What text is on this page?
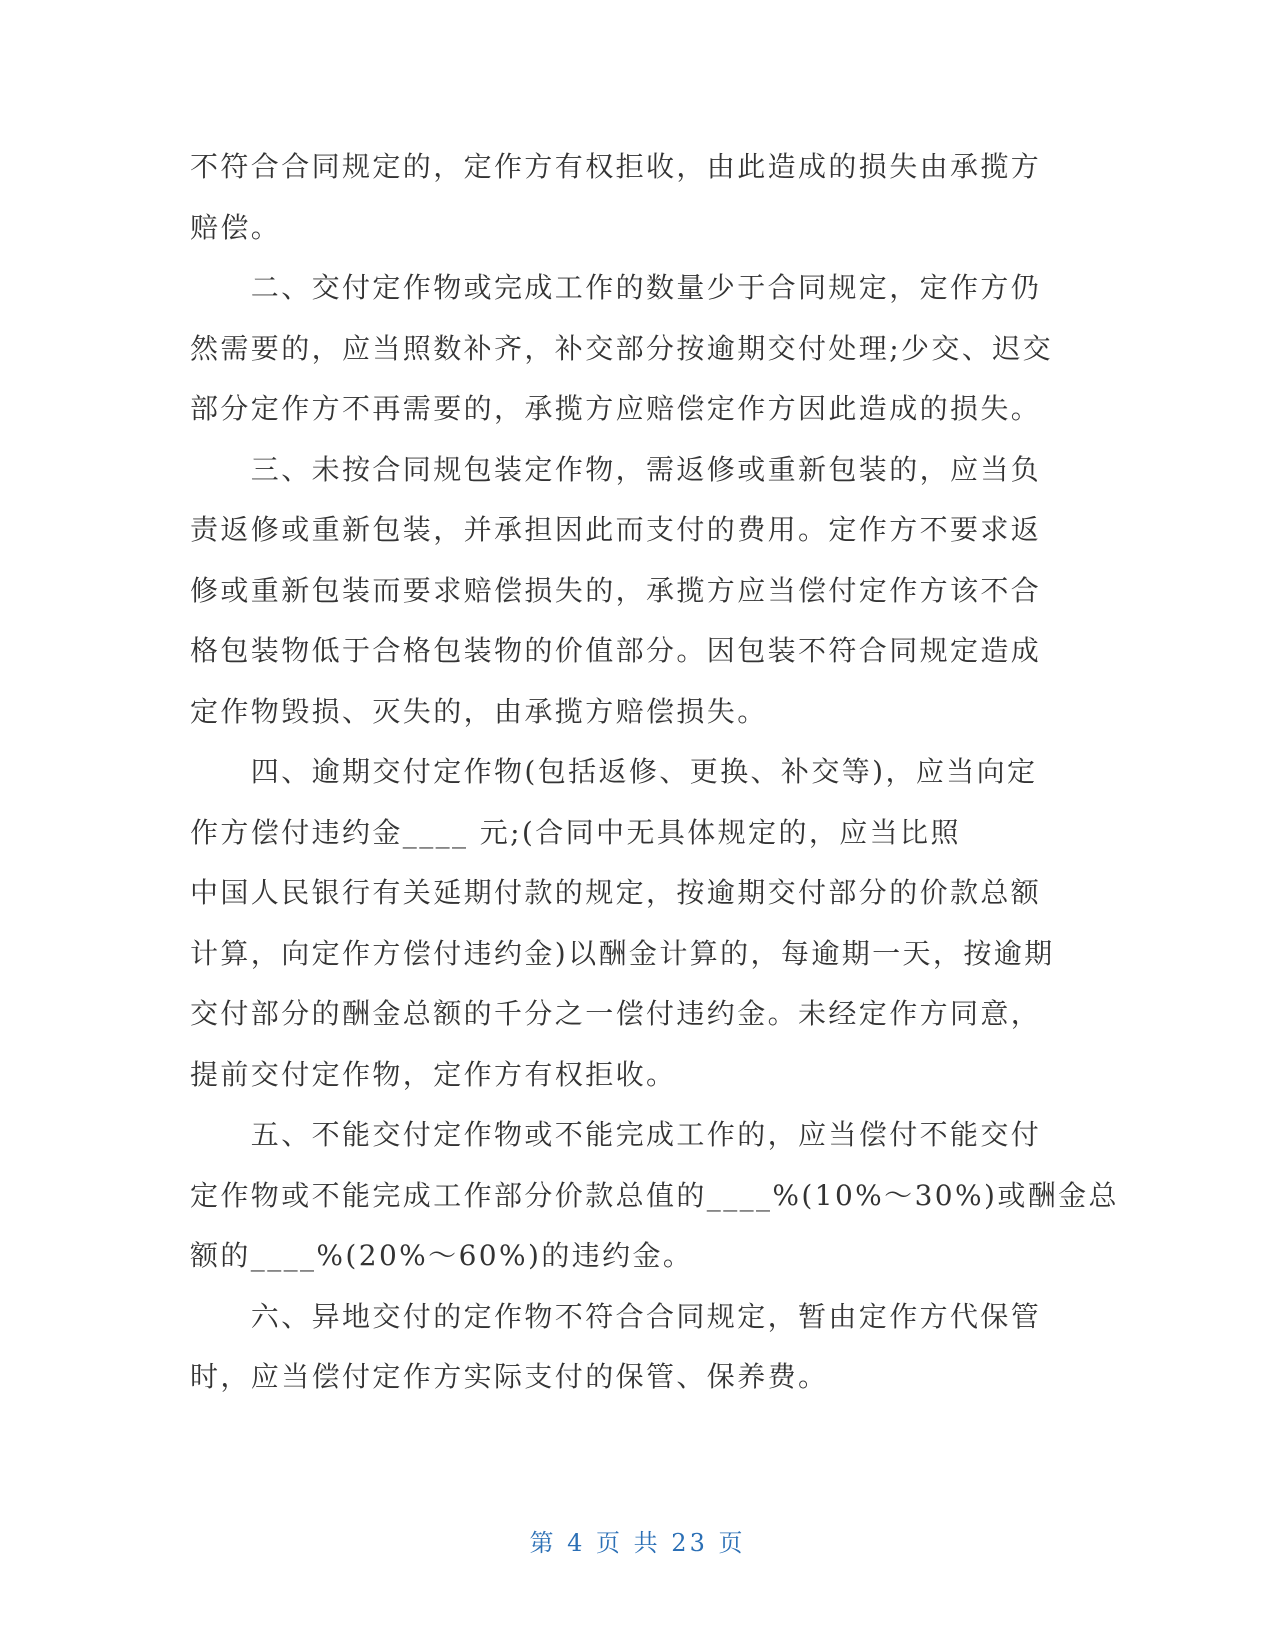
不符合合同规定的，定作方有权拒收，由此造成的损失由承揽方

赔偿。

　　二、交付定作物或完成工作的数量少于合同规定，定作方仍

然需要的，应当照数补齐，补交部分按逾期交付处理;少交、迟交

部分定作方不再需要的，承揽方应赔偿定作方因此造成的损失。

　　三、未按合同规包装定作物，需返修或重新包装的，应当负

责返修或重新包装，并承担因此而支付的费用。定作方不要求返

修或重新包装而要求赔偿损失的，承揽方应当偿付定作方该不合

格包装物低于合格包装物的价值部分。因包装不符合同规定造成

定作物毁损、灭失的，由承揽方赔偿损失。

　　四、逾期交付定作物(包括返修、更换、补交等)，应当向定

作方偿付违约金____ 元;(合同中无具体规定的，应当比照

中国人民银行有关延期付款的规定，按逾期交付部分的价款总额

计算，向定作方偿付违约金)以酬金计算的，每逾期一天，按逾期

交付部分的酬金总额的千分之一偿付违约金。未经定作方同意，

提前交付定作物，定作方有权拒收。

　　五、不能交付定作物或不能完成工作的，应当偿付不能交付

定作物或不能完成工作部分价款总值的____%(10%～30%)或酬金总

额的____%(20%～60%)的违约金。

　　六、异地交付的定作物不符合合同规定，暂由定作方代保管

时，应当偿付定作方实际支付的保管、保养费。

第 4 页 共 23 页
